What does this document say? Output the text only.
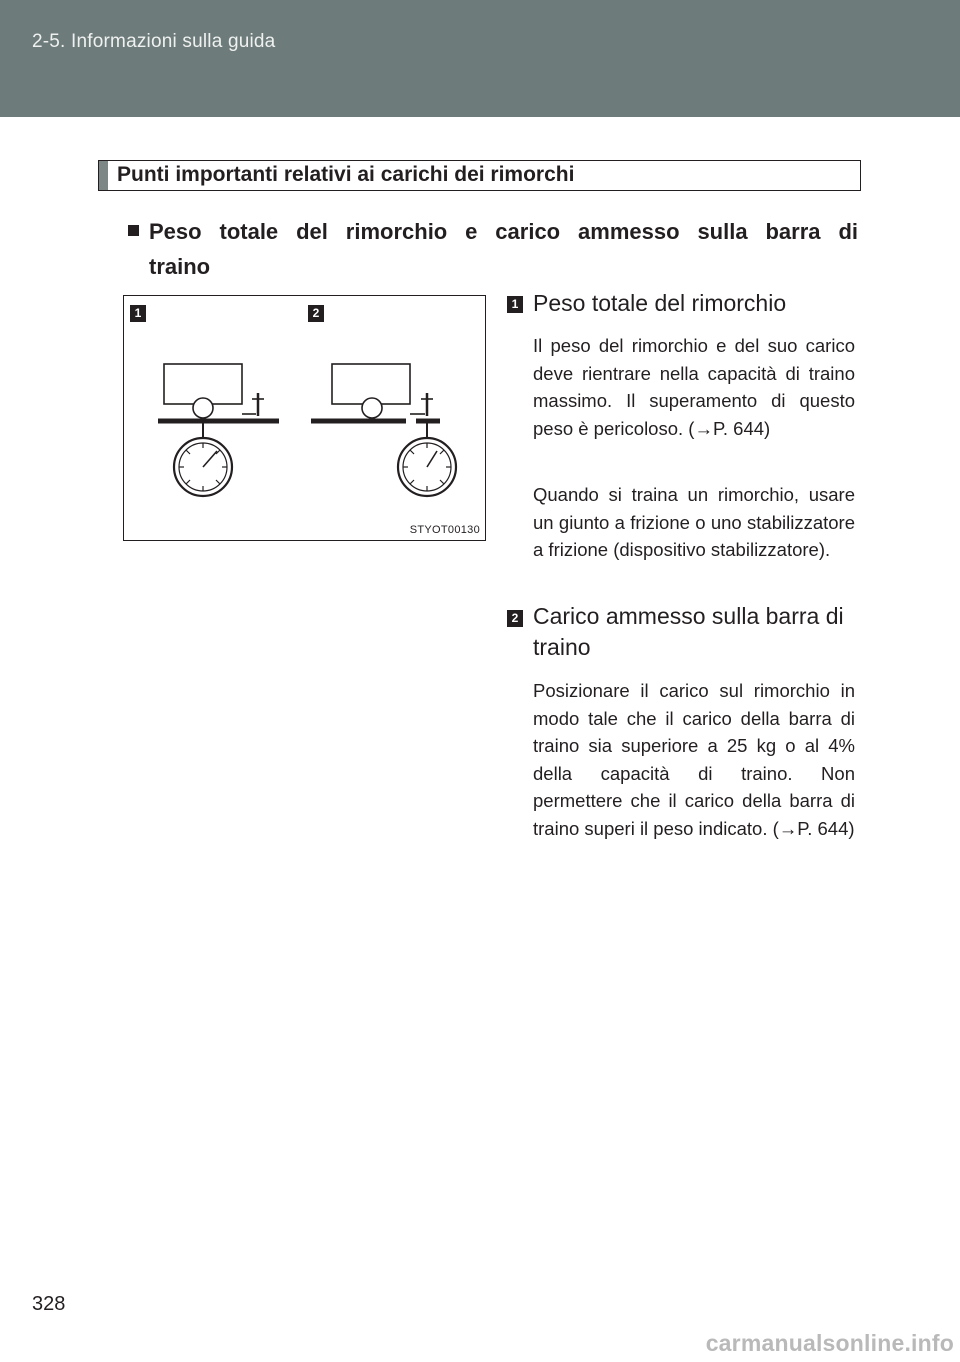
2-5. Informazioni sulla guida
Punti importanti relativi ai carichi dei rimorchi
Peso totale del rimorchio e carico ammesso sulla barra di traino
1	2
STYOT00130
1 Peso totale del rimorchio
Il peso del rimorchio e del suo carico deve rientrare nella capacità di traino massimo. Il superamento di questo peso è pericoloso. (→P. 644)
Quando si traina un rimorchio, usare un giunto a frizione o uno stabilizzatore a frizione (dispositivo stabilizzatore).
2 Carico ammesso sulla barra di traino
Posizionare il carico sul rimorchio in modo tale che il carico della barra di traino sia superiore a 25 kg o al 4% della capacità di traino. Non permettere che il carico della barra di traino superi il peso indicato. (→P. 644)
328
carmanualsonline.info
